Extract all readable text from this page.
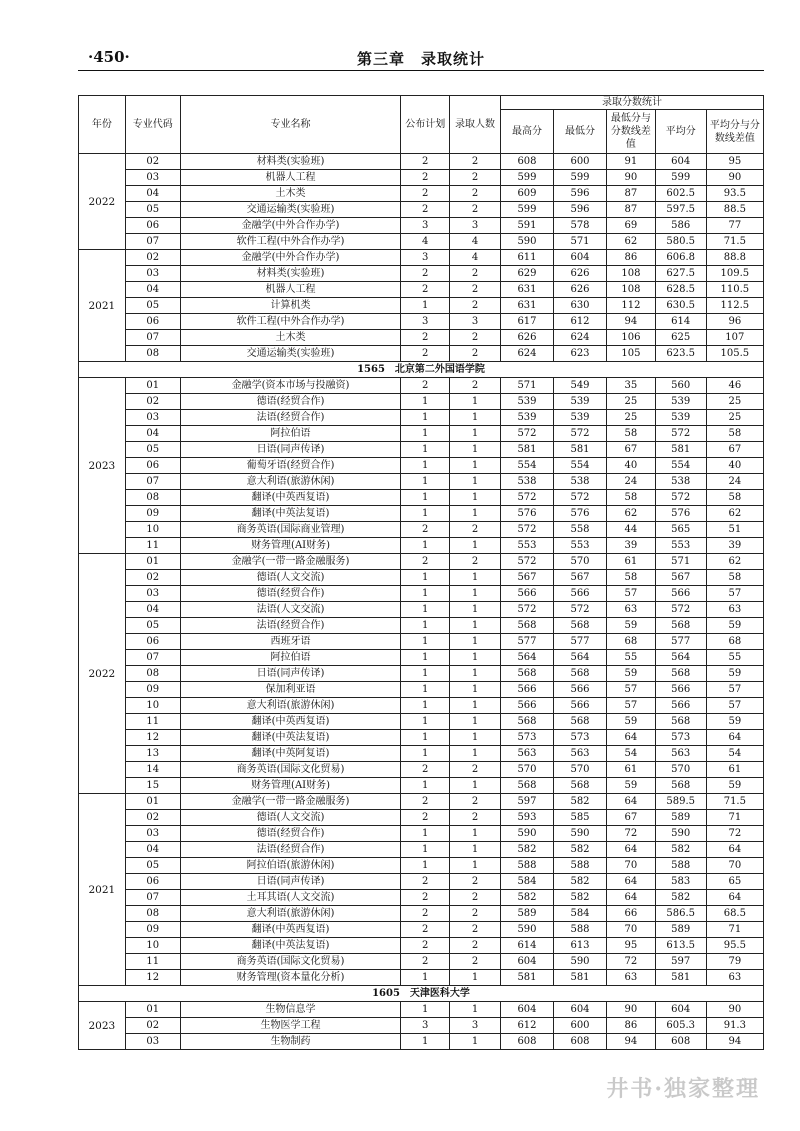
·450·	第三章　录取统计
年份	专业代码	专业名称	公布计划	录取人数	录取分数统计				
					最高分	最低分	最低分与分数线差值	平均分	平均分与分数线差值
2022	02	材料类(实验班)	2	2	608	600	91	604	95
	03	机器人工程	2	2	599	599	90	599	90
	04	土木类	2	2	609	596	87	602.5	93.5
	05	交通运输类(实验班)	2	2	599	596	87	597.5	88.5
	06	金融学(中外合作办学)	3	3	591	578	69	586	77
	07	软件工程(中外合作办学)	4	4	590	571	62	580.5	71.5
2021	02	金融学(中外合作办学)	3	4	611	604	86	606.8	88.8
	03	材料类(实验班)	2	2	629	626	108	627.5	109.5
	04	机器人工程	2	2	631	626	108	628.5	110.5
	05	计算机类	1	2	631	630	112	630.5	112.5
	06	软件工程(中外合作办学)	3	3	617	612	94	614	96
	07	土木类	2	2	626	624	106	625	107
	08	交通运输类(实验班)	2	2	624	623	105	623.5	105.5
1565　北京第二外国语学院									
2023	01	金融学(资本市场与投融资)	2	2	571	549	35	560	46
	02	德语(经贸合作)	1	1	539	539	25	539	25
	03	法语(经贸合作)	1	1	539	539	25	539	25
	04	阿拉伯语	1	1	572	572	58	572	58
	05	日语(同声传译)	1	1	581	581	67	581	67
	06	葡萄牙语(经贸合作)	1	1	554	554	40	554	40
	07	意大利语(旅游休闲)	1	1	538	538	24	538	24
	08	翻译(中英西复语)	1	1	572	572	58	572	58
	09	翻译(中英法复语)	1	1	576	576	62	576	62
	10	商务英语(国际商业管理)	2	2	572	558	44	565	51
	11	财务管理(AI财务)	1	1	553	553	39	553	39
2022	01	金融学(一带一路金融服务)	2	2	572	570	61	571	62
	02	德语(人文交流)	1	1	567	567	58	567	58
	03	德语(经贸合作)	1	1	566	566	57	566	57
	04	法语(人文交流)	1	1	572	572	63	572	63
	05	法语(经贸合作)	1	1	568	568	59	568	59
	06	西班牙语	1	1	577	577	68	577	68
	07	阿拉伯语	1	1	564	564	55	564	55
	08	日语(同声传译)	1	1	568	568	59	568	59
	09	保加利亚语	1	1	566	566	57	566	57
	10	意大利语(旅游休闲)	1	1	566	566	57	566	57
	11	翻译(中英西复语)	1	1	568	568	59	568	59
	12	翻译(中英法复语)	1	1	573	573	64	573	64
	13	翻译(中英阿复语)	1	1	563	563	54	563	54
	14	商务英语(国际文化贸易)	2	2	570	570	61	570	61
	15	财务管理(AI财务)	1	1	568	568	59	568	59
2021	01	金融学(一带一路金融服务)	2	2	597	582	64	589.5	71.5
	02	德语(人文交流)	2	2	593	585	67	589	71
	03	德语(经贸合作)	1	1	590	590	72	590	72
	04	法语(经贸合作)	1	1	582	582	64	582	64
	05	阿拉伯语(旅游休闲)	1	1	588	588	70	588	70
	06	日语(同声传译)	2	2	584	582	64	583	65
	07	土耳其语(人文交流)	2	2	582	582	64	582	64
	08	意大利语(旅游休闲)	2	2	589	584	66	586.5	68.5
	09	翻译(中英西复语)	2	2	590	588	70	589	71
	10	翻译(中英法复语)	2	2	614	613	95	613.5	95.5
	11	商务英语(国际文化贸易)	2	2	604	590	72	597	79
	12	财务管理(资本量化分析)	1	1	581	581	63	581	63
1605　天津医科大学									
2023	01	生物信息学	1	1	604	604	90	604	90
	02	生物医学工程	3	3	612	600	86	605.3	91.3
	03	生物制药	1	1	608	608	94	608	94
井书·独家整理
